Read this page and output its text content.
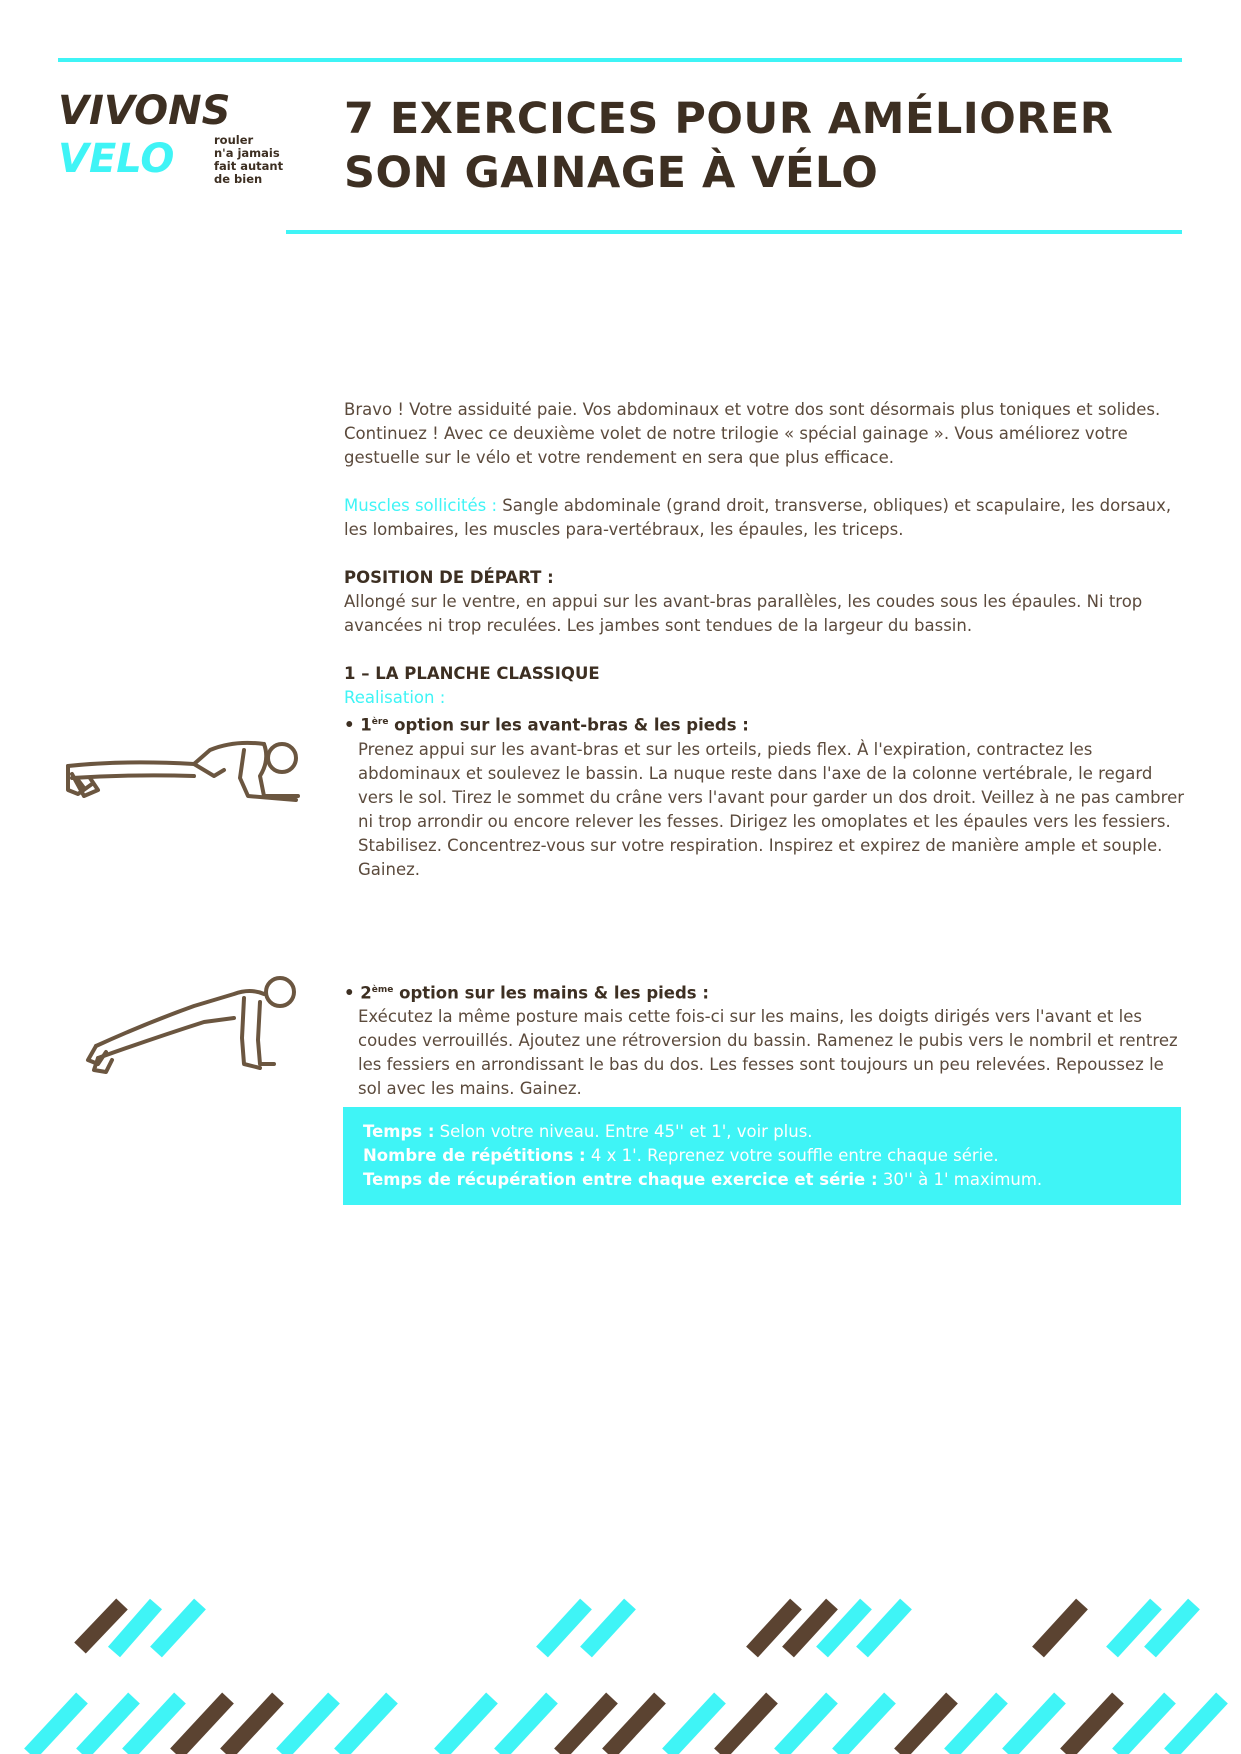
VIVONS
VELO	rouler
n'a jamais
fait autant
de bien
7 EXERCICES POUR AMÉLIORER
SON GAINAGE À VÉLO

Bravo ! Votre assiduité paie. Vos abdominaux et votre dos sont désormais plus toniques et solides. Continuez ! Avec ce deuxième volet de notre trilogie « spécial gainage ». Vous améliorez votre gestuelle sur le vélo et votre rendement en sera que plus efficace.

Muscles sollicités : Sangle abdominale (grand droit, transverse, obliques) et scapulaire, les dorsaux, les lombaires, les muscles para-vertébraux, les épaules, les triceps.

POSITION DE DÉPART :

Allongé sur le ventre, en appui sur les avant-bras parallèles, les coudes sous les épaules. Ni trop avancées ni trop reculées. Les jambes sont tendues de la largeur du bassin.

1 – LA PLANCHE CLASSIQUE

Realisation :

• 1ère option sur les avant-bras & les pieds :

Prenez appui sur les avant-bras et sur les orteils, pieds flex. À l'expiration, contractez les abdominaux et soulevez le bassin. La nuque reste dans l'axe de la colonne vertébrale, le regard vers le sol. Tirez le sommet du crâne vers l'avant pour garder un dos droit. Veillez à ne pas cambrer ni trop arrondir ou encore relever les fesses. Dirigez les omoplates et les épaules vers les fessiers. Stabilisez. Concentrez-vous sur votre respiration. Inspirez et expirez de manière ample et souple. Gainez.

• 2ème option sur les mains & les pieds :

Exécutez la même posture mais cette fois-ci sur les mains, les doigts dirigés vers l'avant et les coudes verrouillés. Ajoutez une rétroversion du bassin. Ramenez le pubis vers le nombril et rentrez les fessiers en arrondissant le bas du dos. Les fesses sont toujours un peu relevées. Repoussez le sol avec les mains. Gainez.

Temps : Selon votre niveau. Entre 45'' et 1', voir plus.
Nombre de répétitions : 4 x 1'. Reprenez votre souffle entre chaque série.
Temps de récupération entre chaque exercice et série : 30'' à 1' maximum.
